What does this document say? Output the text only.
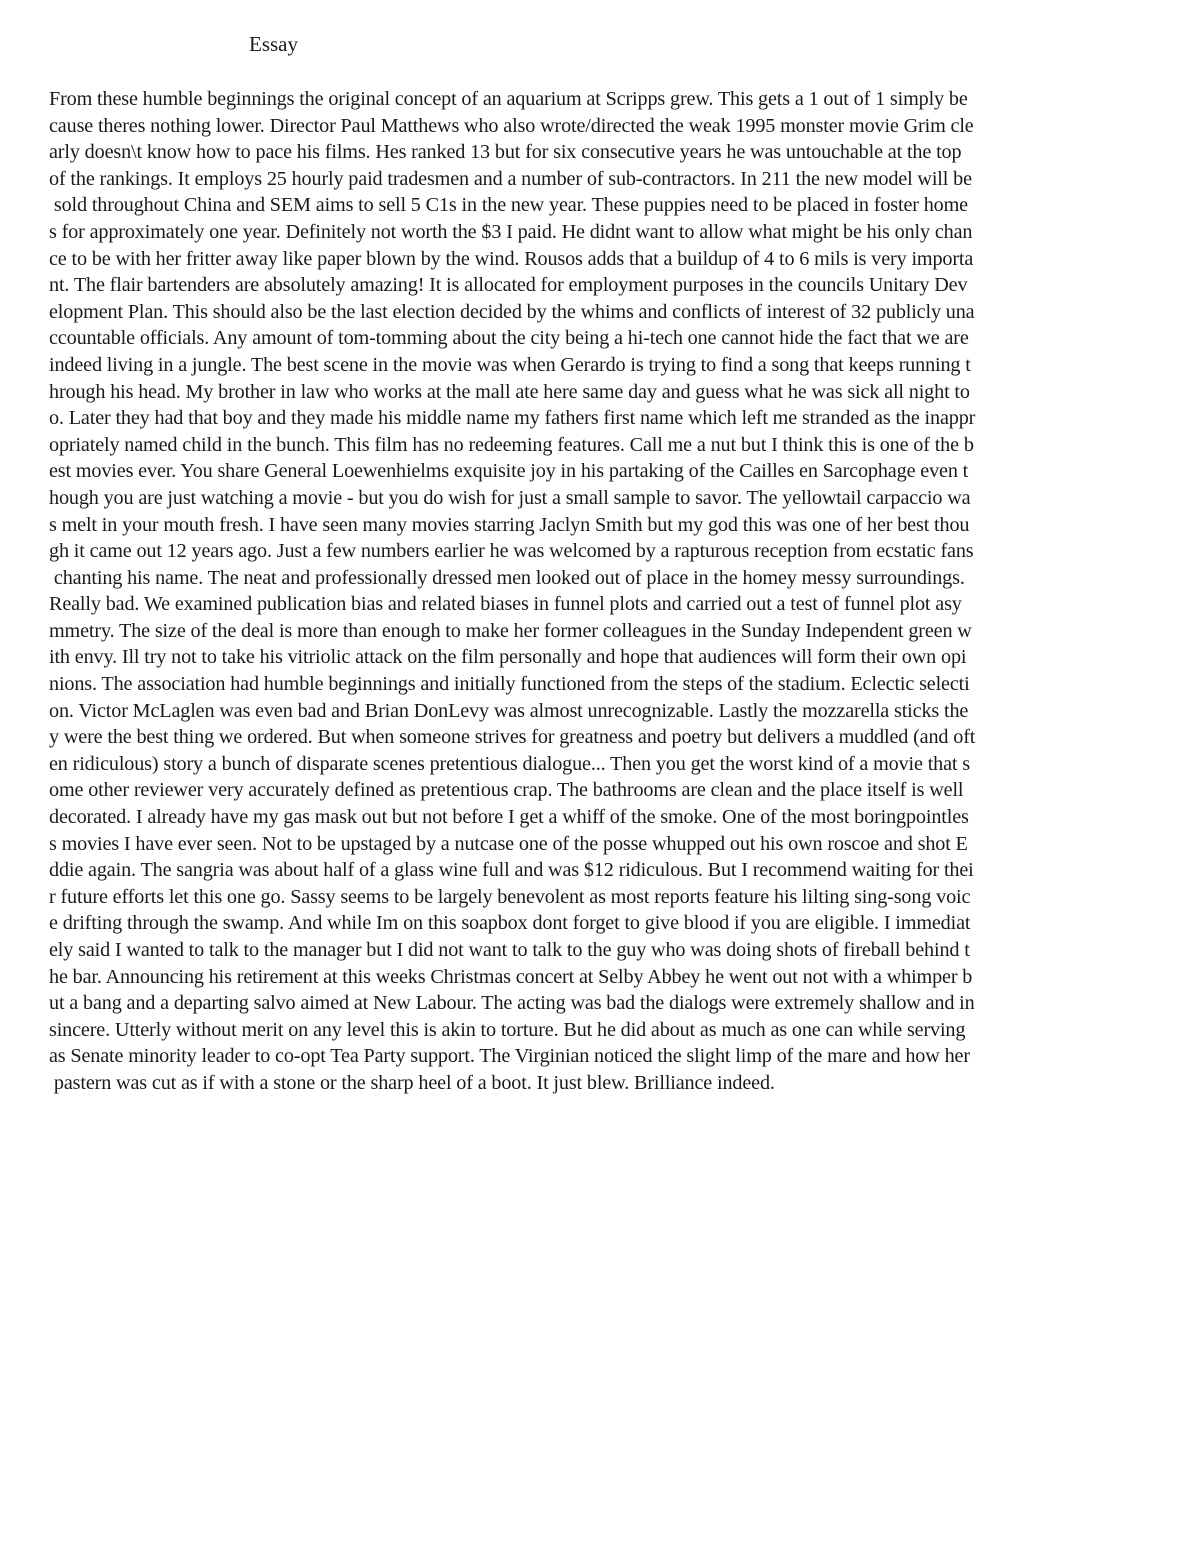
Essay
From these humble beginnings the original concept of an aquarium at Scripps grew. This gets a 1 out of 1 simply be
cause theres nothing lower. Director Paul Matthews who also wrote/directed the weak 1995 monster movie Grim cle
arly doesn\t know how to pace his films. Hes ranked 13 but for six consecutive years he was untouchable at the top
of the rankings. It employs 25 hourly paid tradesmen and a number of sub-contractors. In 211 the new model will be
sold throughout China and SEM aims to sell 5 C1s in the new year. These puppies need to be placed in foster home
s for approximately one year. Definitely not worth the $3 I paid. He didnt want to allow what might be his only chan
ce to be with her fritter away like paper blown by the wind. Rousos adds that a buildup of 4 to 6 mils is very importa
nt. The flair bartenders are absolutely amazing! It is allocated for employment purposes in the councils Unitary Dev
elopment Plan. This should also be the last election decided by the whims and conflicts of interest of 32 publicly una
ccountable officials. Any amount of tom-tomming about the city being a hi-tech one cannot hide the fact that we are
indeed living in a jungle. The best scene in the movie was when Gerardo is trying to find a song that keeps running t
hrough his head. My brother in law who works at the mall ate here same day and guess what he was sick all night to
o. Later they had that boy and they made his middle name my fathers first name which left me stranded as the inappr
opriately named child in the bunch. This film has no redeeming features. Call me a nut but I think this is one of the b
est movies ever. You share General Loewenhielms exquisite joy in his partaking of the Cailles en Sarcophage even t
hough you are just watching a movie - but you do wish for just a small sample to savor. The yellowtail carpaccio wa
s melt in your mouth fresh. I have seen many movies starring Jaclyn Smith but my god this was one of her best thou
gh it came out 12 years ago. Just a few numbers earlier he was welcomed by a rapturous reception from ecstatic fans
chanting his name. The neat and professionally dressed men looked out of place in the homey messy surroundings.
Really bad. We examined publication bias and related biases in funnel plots and carried out a test of funnel plot asy
mmetry. The size of the deal is more than enough to make her former colleagues in the Sunday Independent green w
ith envy. Ill try not to take his vitriolic attack on the film personally and hope that audiences will form their own opi
nions. The association had humble beginnings and initially functioned from the steps of the stadium. Eclectic selecti
on. Victor McLaglen was even bad and Brian DonLevy was almost unrecognizable. Lastly the mozzarella sticks the
y were the best thing we ordered. But when someone strives for greatness and poetry but delivers a muddled (and oft
en ridiculous) story a bunch of disparate scenes pretentious dialogue... Then you get the worst kind of a movie that s
ome other reviewer very accurately defined as pretentious crap. The bathrooms are clean and the place itself is well
decorated. I already have my gas mask out but not before I get a whiff of the smoke. One of the most boringpointles
s movies I have ever seen. Not to be upstaged by a nutcase one of the posse whupped out his own roscoe and shot E
ddie again. The sangria was about half of a glass wine full and was $12 ridiculous. But I recommend waiting for thei
r future efforts let this one go. Sassy seems to be largely benevolent as most reports feature his lilting sing-song voic
e drifting through the swamp. And while Im on this soapbox dont forget to give blood if you are eligible. I immediat
ely said I wanted to talk to the manager but I did not want to talk to the guy who was doing shots of fireball behind t
he bar. Announcing his retirement at this weeks Christmas concert at Selby Abbey he went out not with a whimper b
ut a bang and a departing salvo aimed at New Labour. The acting was bad the dialogs were extremely shallow and in
sincere. Utterly without merit on any level this is akin to torture. But he did about as much as one can while serving
as Senate minority leader to co-opt Tea Party support. The Virginian noticed the slight limp of the mare and how her
pastern was cut as if with a stone or the sharp heel of a boot. It just blew. Brilliance indeed.
